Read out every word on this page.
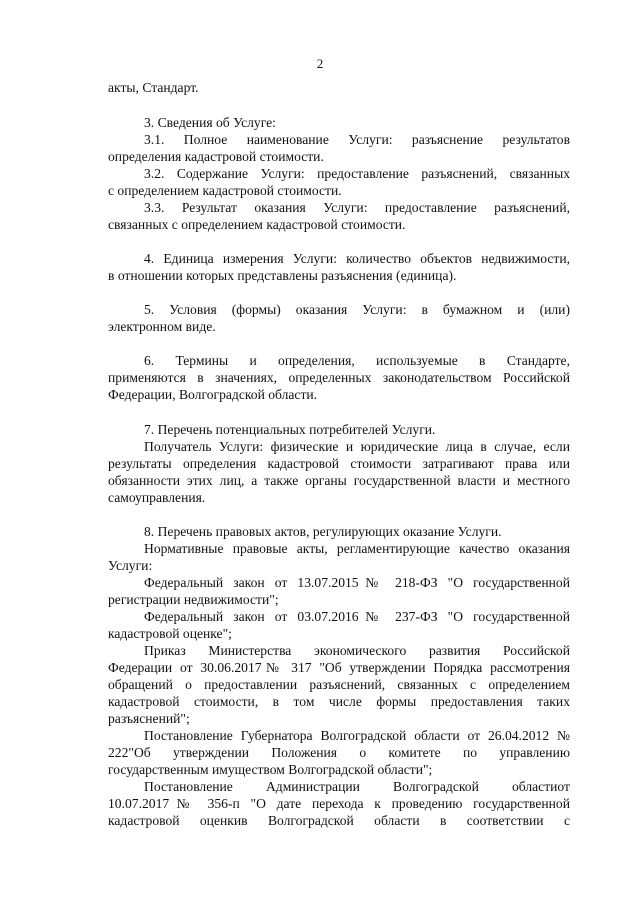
2
акты, Стандарт.
3. Сведения об Услуге:
3.1. Полное наименование Услуги: разъяснение результатов
определения кадастровой стоимости.
3.2. Содержание Услуги: предоставление разъяснений, связанных
с определением кадастровой стоимости.
3.3. Результат оказания Услуги: предоставление разъяснений,
связанных с определением кадастровой стоимости.
4. Единица измерения Услуги: количество объектов недвижимости,
в отношении которых представлены разъяснения (единица).
5. Условия (формы) оказания Услуги: в бумажном и (или)
электронном виде.
6. Термины и определения, используемые в Стандарте,
применяются в значениях, определенных законодательством Российской
Федерации, Волгоградской области.
7. Перечень потенциальных потребителей Услуги.
Получатель Услуги: физические и юридические лица в случае, если
результаты определения кадастровой стоимости затрагивают права или
обязанности этих лиц, а также органы государственной власти и местного
самоуправления.
8. Перечень правовых актов, регулирующих оказание Услуги.
Нормативные правовые акты, регламентирующие качество оказания
Услуги:
Федеральный закон от 13.07.2015№ 218-ФЗ "О государственной
регистрации недвижимости";
Федеральный закон от 03.07.2016№ 237-ФЗ "О государственной
кадастровой оценке";
Приказ Министерства экономического развития Российской
Федерации от 30.06.2017№ 317 "Об утверждении Порядка рассмотрения
обращений о предоставлении разъяснений, связанных с определением
кадастровой стоимости, в том числе формы предоставления таких
разъяснений";
Постановление Губернатора Волгоградской области от 26.04.2012 №
222"Об утверждении Положения о комитете по управлению
государственным имуществом Волгоградской области";
Постановление Администрации Волгоградской областиот
10.07.2017№ 356-п "О дате перехода к проведению государственной
кадастровой оценкив Волгоградской области в соответствии с
